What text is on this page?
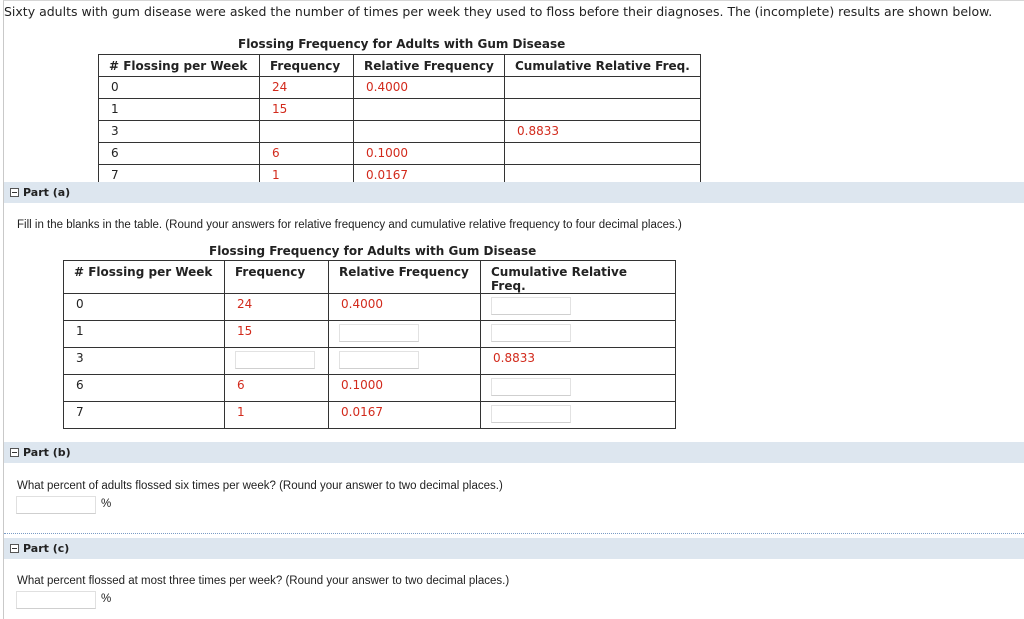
Sixty adults with gum disease were asked the number of times per week they used to floss before their diagnoses. The (incomplete) results are shown below.
Flossing Frequency for Adults with Gum Disease
# Flossing per Week	Frequency	Relative Frequency	Cumulative Relative Freq.
0	24	0.4000	
1	15		
3			0.8833
6	6	0.1000	
7	1	0.0167	
Part (a)
Fill in the blanks in the table. (Round your answers for relative frequency and cumulative relative frequency to four decimal places.)
Flossing Frequency for Adults with Gum Disease
# Flossing per Week	Frequency	Relative Frequency	Cumulative Relative Freq.
0	24	0.4000	

1	15	

3			0.8833
6	6	0.1000	

7	1	0.0167	
Part (b)
What percent of adults flossed six times per week? (Round your answer to two decimal places.)
%
Part (c)
What percent flossed at most three times per week? (Round your answer to two decimal places.)
%
